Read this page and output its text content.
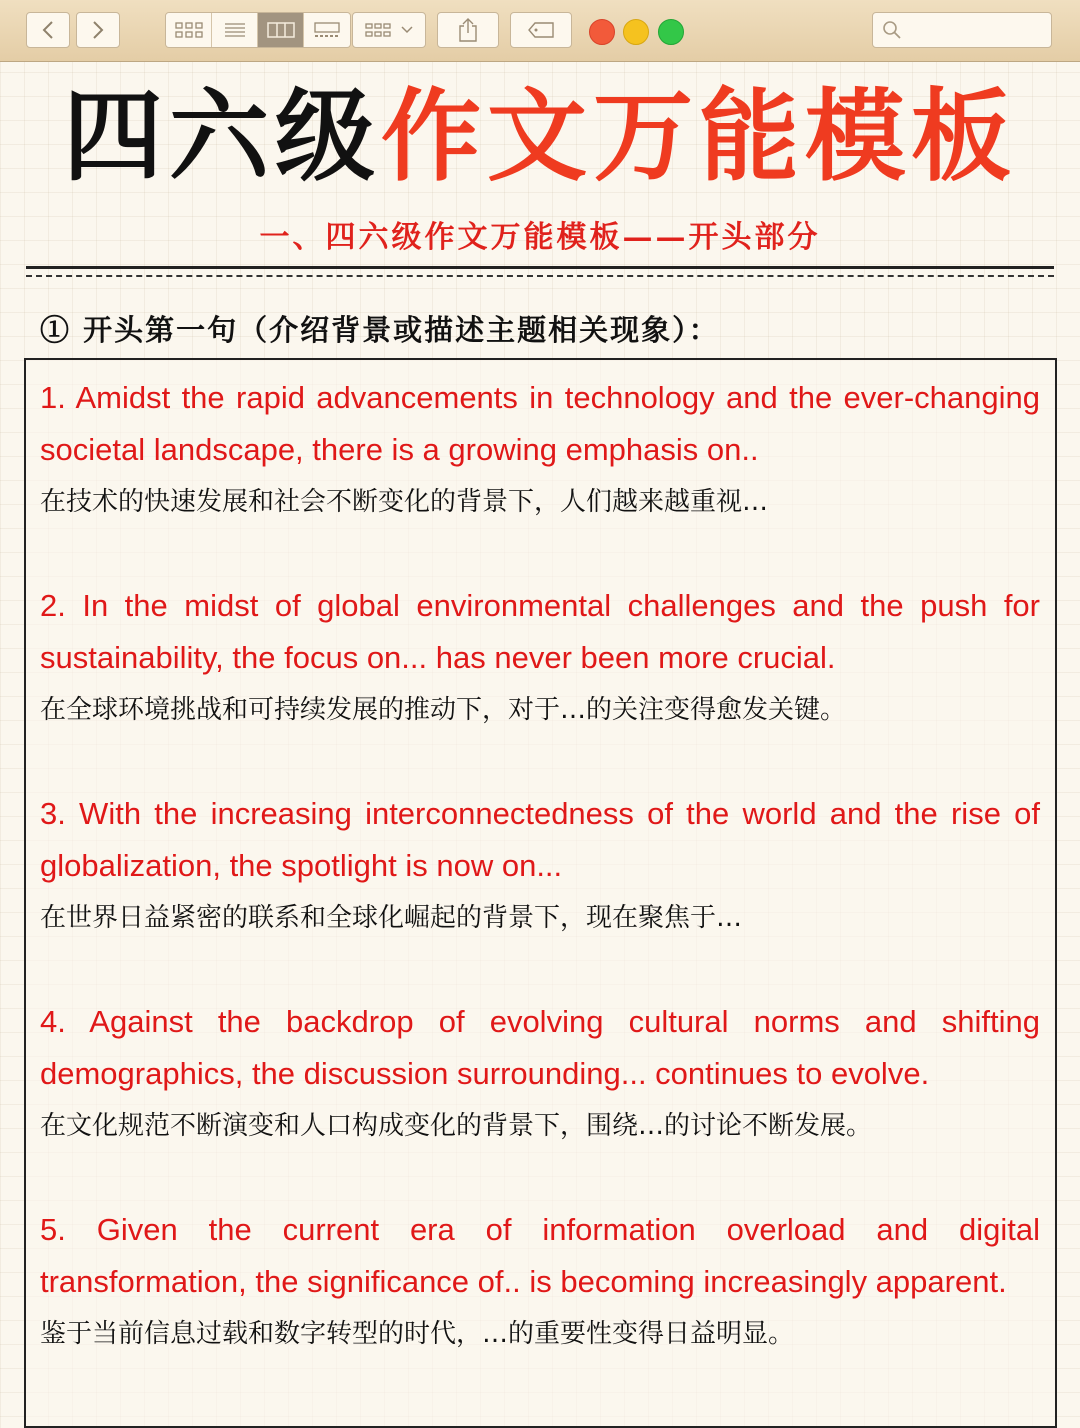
四六级作文万能模板
一、四六级作文万能模板——开头部分
① 开头第一句（介绍背景或描述主题相关现象）：
1. Amidst the rapid advancements in technology and the ever-changing societal landscape, there is a growing emphasis on..
在技术的快速发展和社会不断变化的背景下，人们越来越重视…
2. In the midst of global environmental challenges and the push for sustainability, the focus on... has never been more crucial.
在全球环境挑战和可持续发展的推动下，对于…的关注变得愈发关键。
3. With the increasing interconnectedness of the world and the rise of globalization, the spotlight is now on...
在世界日益紧密的联系和全球化崛起的背景下，现在聚焦于…
4. Against the backdrop of evolving cultural norms and shifting demographics, the discussion surrounding... continues to evolve.
在文化规范不断演变和人口构成变化的背景下，围绕…的讨论不断发展。
5. Given the current era of information overload and digital transformation, the significance of.. is becoming increasingly apparent.
鉴于当前信息过载和数字转型的时代，…的重要性变得日益明显。
